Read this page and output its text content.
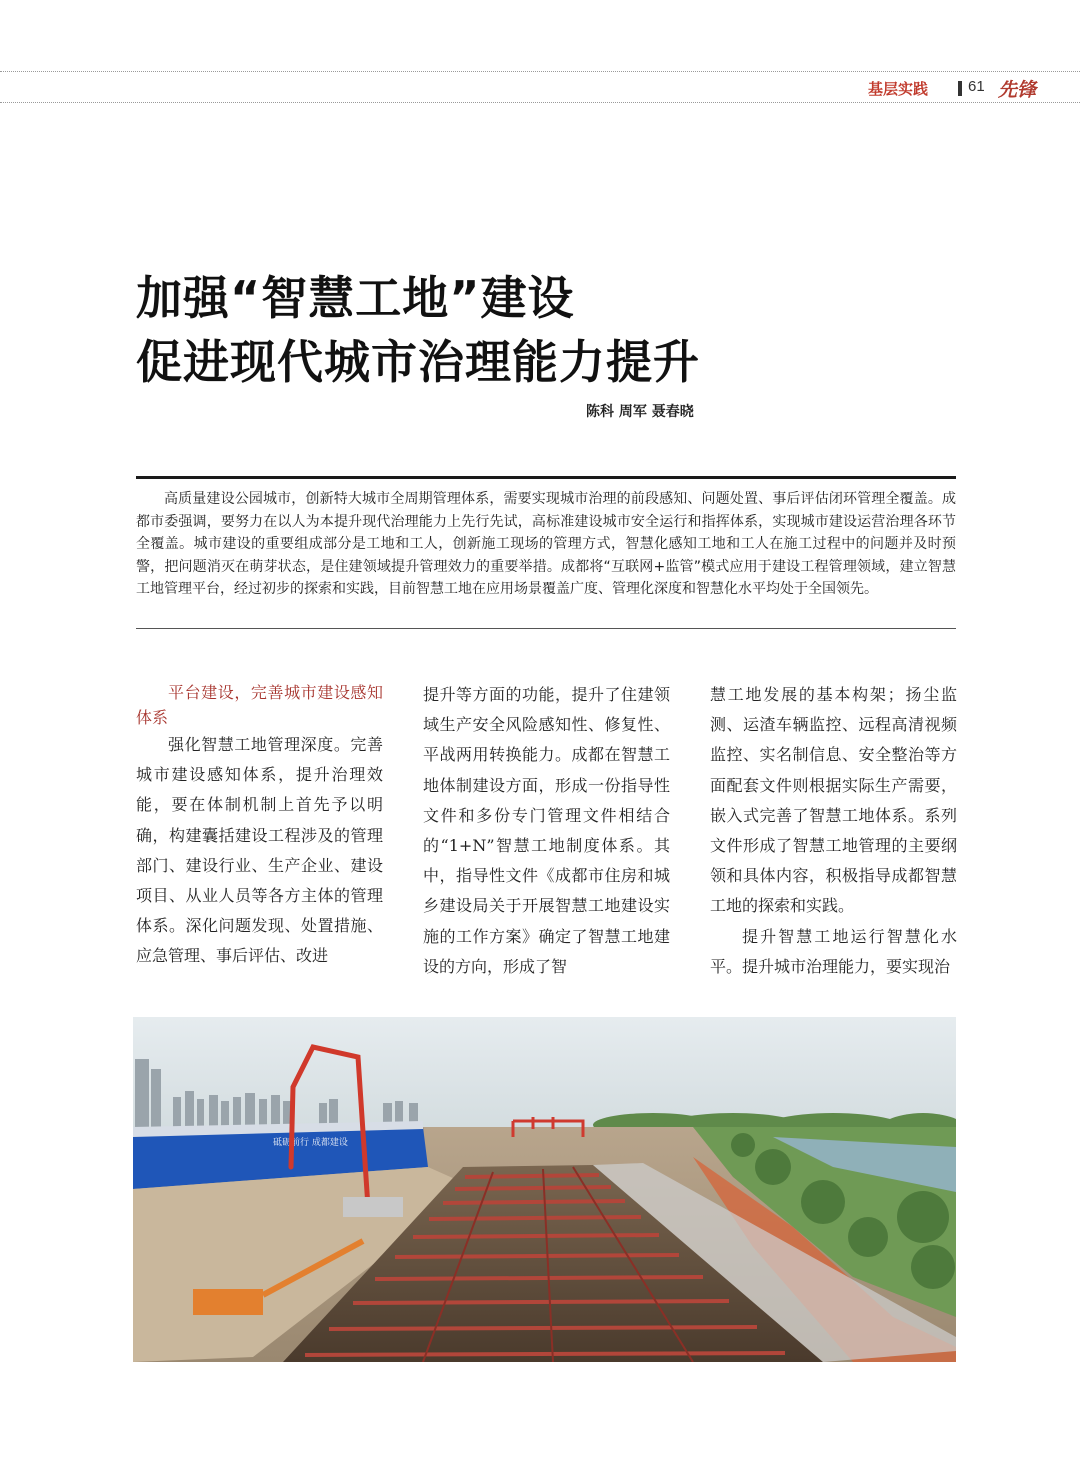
基层实践	61 先锋
加强“智慧工地”建设
促进现代城市治理能力提升
陈科 周军 聂春晓
高质量建设公园城市，创新特大城市全周期管理体系，需要实现城市治理的前段感知、问题处置、事后评估闭环管理全覆盖。成都市委强调，要努力在以人为本提升现代治理能力上先行先试，高标准建设城市安全运行和指挥体系，实现城市建设运营治理各环节全覆盖。城市建设的重要组成部分是工地和工人，创新施工现场的管理方式，智慧化感知工地和工人在施工过程中的问题并及时预警，把问题消灭在萌芽状态，是住建领域提升管理效力的重要举措。成都将“互联网+监管”模式应用于建设工程管理领域，建立智慧工地管理平台，经过初步的探索和实践，目前智慧工地在应用场景覆盖广度、管理化深度和智慧化水平均处于全国领先。

平台建设，完善城市建设感知体系

强化智慧工地管理深度。完善城市建设感知体系，提升治理效能，要在体制机制上首先予以明确，构建囊括建设工程涉及的管理部门、建设行业、生产企业、建设项目、从业人员等各方主体的管理体系。深化问题发现、处置措施、应急管理、事后评估、改进

提升等方面的功能，提升了住建领域生产安全风险感知性、修复性、平战两用转换能力。成都在智慧工地体制建设方面，形成一份指导性文件和多份专门管理文件相结合的“1+N”智慧工地制度体系。其中，指导性文件《成都市住房和城乡建设局关于开展智慧工地建设实施的工作方案》确定了智慧工地建设的方向，形成了智

慧工地发展的基本构架；扬尘监测、运渣车辆监控、远程高清视频监控、实名制信息、安全整治等方面配套文件则根据实际生产需要，嵌入式完善了智慧工地体系。系列文件形成了智慧工地管理的主要纲领和具体内容，积极指导成都智慧工地的探索和实践。

提升智慧工地运行智慧化水平。提升城市治理能力，要实现治

砥砺前行 成都建设
